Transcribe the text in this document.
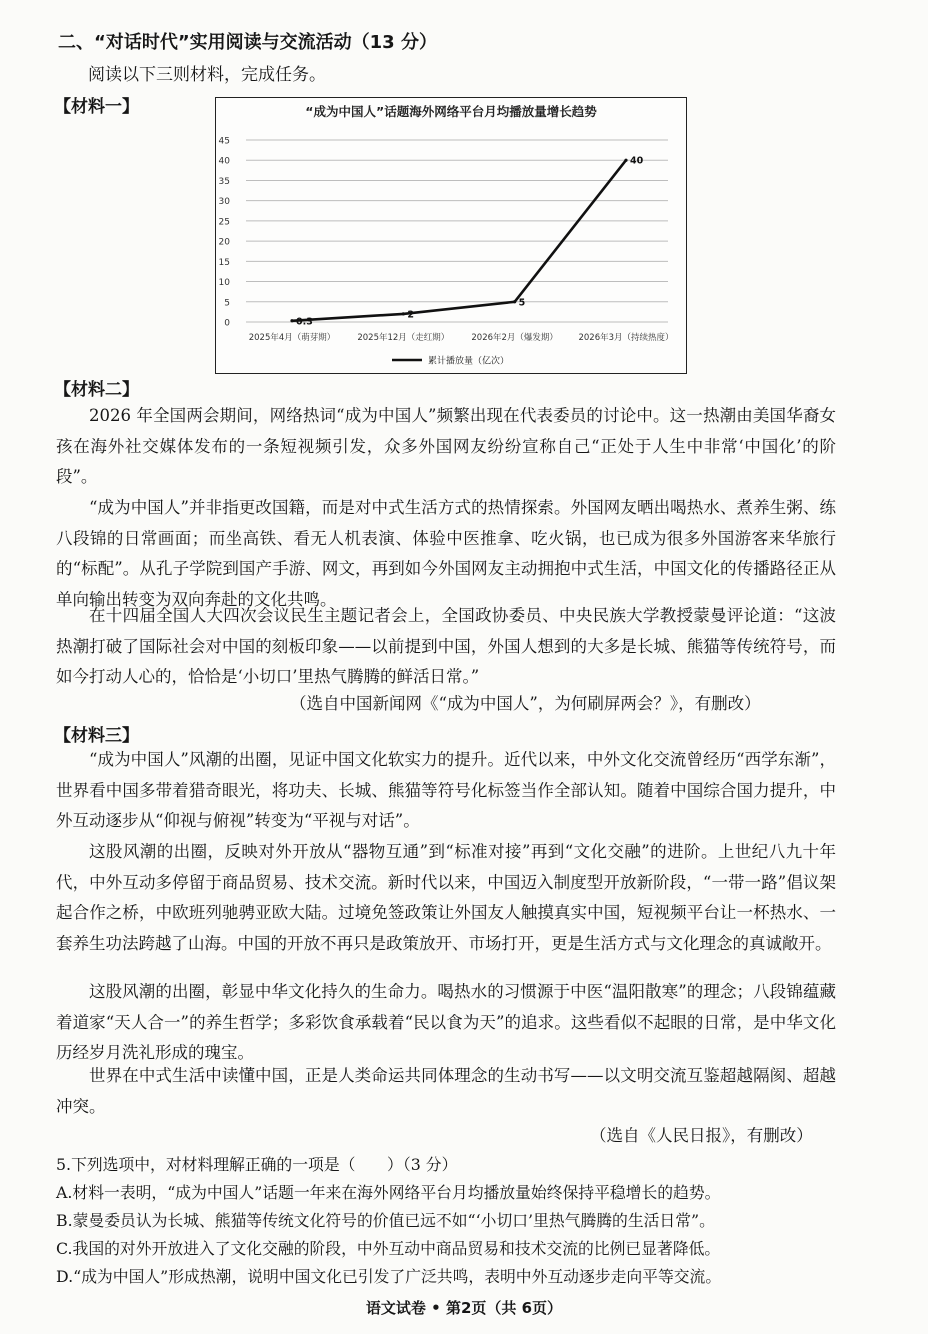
二、“对话时代”实用阅读与交流活动（13 分）
阅读以下三则材料，完成任务。
【材料一】	“成为中国人”话题海外网络平台月均播放量增长趋势
0
5
10
15
20
25
30
35
40
45
2025年4月（萌芽期）	2025年12月（走红期）	2026年2月（爆发期） 2026年3月（持续热度）
0.3
2
5
40
累计播放量（亿次）
【材料二】

2026 年全国两会期间，网络热词“成为中国人”频繁出现在代表委员的讨论中。这一热潮由美国华裔女孩在海外社交媒体发布的一条短视频引发，众多外国网友纷纷宣称自己“正处于人生中非常‘中国化’的阶段”。

“成为中国人”并非指更改国籍，而是对中式生活方式的热情探索。外国网友晒出喝热水、煮养生粥、练八段锦的日常画面；而坐高铁、看无人机表演、体验中医推拿、吃火锅，也已成为很多外国游客来华旅行的“标配”。从孔子学院到国产手游、网文，再到如今外国网友主动拥抱中式生活，中国文化的传播路径正从单向输出转变为双向奔赴的文化共鸣。

在十四届全国人大四次会议民生主题记者会上，全国政协委员、中央民族大学教授蒙曼评论道：“这波热潮打破了国际社会对中国的刻板印象——以前提到中国，外国人想到的大多是长城、熊猫等传统符号，而如今打动人心的，恰恰是‘小切口’里热气腾腾的鲜活日常。”

（选自中国新闻网《“成为中国人”，为何刷屏两会？》，有删改）
【材料三】

“成为中国人”风潮的出圈，见证中国文化软实力的提升。近代以来，中外文化交流曾经历“西学东渐”，世界看中国多带着猎奇眼光，将功夫、长城、熊猫等符号化标签当作全部认知。随着中国综合国力提升，中外互动逐步从“仰视与俯视”转变为“平视与对话”。

这股风潮的出圈，反映对外开放从“器物互通”到“标准对接”再到“文化交融”的进阶。上世纪八九十年代，中外互动多停留于商品贸易、技术交流。新时代以来，中国迈入制度型开放新阶段，“一带一路”倡议架起合作之桥，中欧班列驰骋亚欧大陆。过境免签政策让外国友人触摸真实中国，短视频平台让一杯热水、一套养生功法跨越了山海。中国的开放不再只是政策放开、市场打开，更是生活方式与文化理念的真诚敞开。

这股风潮的出圈，彰显中华文化持久的生命力。喝热水的习惯源于中医“温阳散寒”的理念；八段锦蕴藏着道家“天人合一”的养生哲学；多彩饮食承载着“民以食为天”的追求。这些看似不起眼的日常，是中华文化历经岁月洗礼形成的瑰宝。

世界在中式生活中读懂中国，正是人类命运共同体理念的生动书写——以文明交流互鉴超越隔阂、超越冲突。

（选自《人民日报》，有删改）
5.下列选项中，对材料理解正确的一项是（　　）（3 分）
A.材料一表明，“成为中国人”话题一年来在海外网络平台月均播放量始终保持平稳增长的趋势。
B.蒙曼委员认为长城、熊猫等传统文化符号的价值已远不如“‘小切口’里热气腾腾的生活日常”。
C.我国的对外开放进入了文化交融的阶段，中外互动中商品贸易和技术交流的比例已显著降低。
D.“成为中国人”形成热潮，说明中国文化已引发了广泛共鸣，表明中外互动逐步走向平等交流。
语文试卷 • 第2页（共 6页）
